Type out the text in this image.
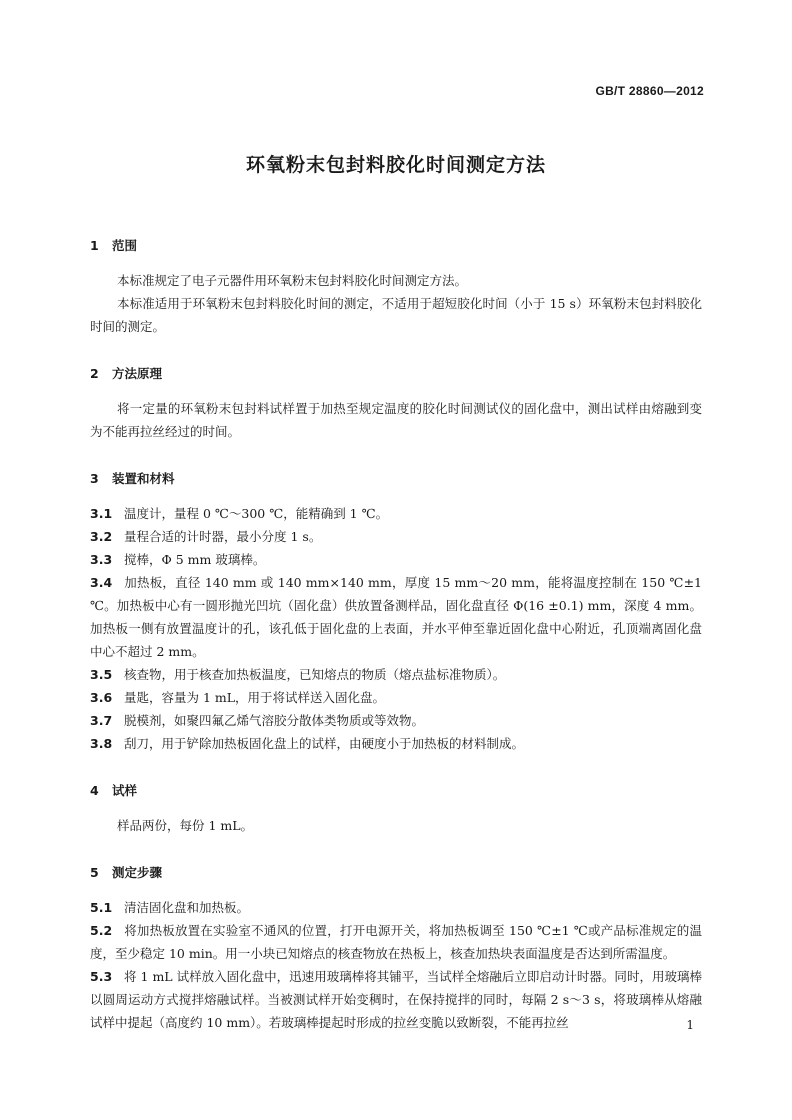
GB/T 28860—2012
环氧粉末包封料胶化时间测定方法
1 范围

本标准规定了电子元器件用环氧粉末包封料胶化时间测定方法。

本标准适用于环氧粉末包封料胶化时间的测定，不适用于超短胶化时间（小于 15 s）环氧粉末包封料胶化时间的测定。

2 方法原理

将一定量的环氧粉末包封料试样置于加热至规定温度的胶化时间测试仪的固化盘中，测出试样由熔融到变为不能再拉丝经过的时间。

3 装置和材料

3.1 温度计，量程 0 ℃～300 ℃，能精确到 1 ℃。

3.2 量程合适的计时器，最小分度 1 s。

3.3 搅棒，Φ 5 mm 玻璃棒。

3.4 加热板，直径 140 mm 或 140 mm×140 mm，厚度 15 mm～20 mm，能将温度控制在 150 ℃±1 ℃。加热板中心有一圆形抛光凹坑（固化盘）供放置备测样品，固化盘直径 Φ(16 ±0.1) mm，深度 4 mm。加热板一侧有放置温度计的孔，该孔低于固化盘的上表面，并水平伸至靠近固化盘中心附近，孔顶端离固化盘中心不超过 2 mm。

3.5 核查物，用于核查加热板温度，已知熔点的物质（熔点盐标准物质）。

3.6 量匙，容量为 1 mL，用于将试样送入固化盘。

3.7 脱模剂，如聚四氟乙烯气溶胶分散体类物质或等效物。

3.8 刮刀，用于铲除加热板固化盘上的试样，由硬度小于加热板的材料制成。

4 试样

样品两份，每份 1 mL。

5 测定步骤

5.1 清洁固化盘和加热板。

5.2 将加热板放置在实验室不通风的位置，打开电源开关，将加热板调至 150 ℃±1 ℃或产品标准规定的温度，至少稳定 10 min。用一小块已知熔点的核查物放在热板上，核查加热块表面温度是否达到所需温度。

5.3 将 1 mL 试样放入固化盘中，迅速用玻璃棒将其铺平，当试样全熔融后立即启动计时器。同时，用玻璃棒以圆周运动方式搅拌熔融试样。当被测试样开始变稠时，在保持搅拌的同时，每隔 2 s～3 s，将玻璃棒从熔融试样中提起（高度约 10 mm）。若玻璃棒提起时形成的拉丝变脆以致断裂，不能再拉丝	1
